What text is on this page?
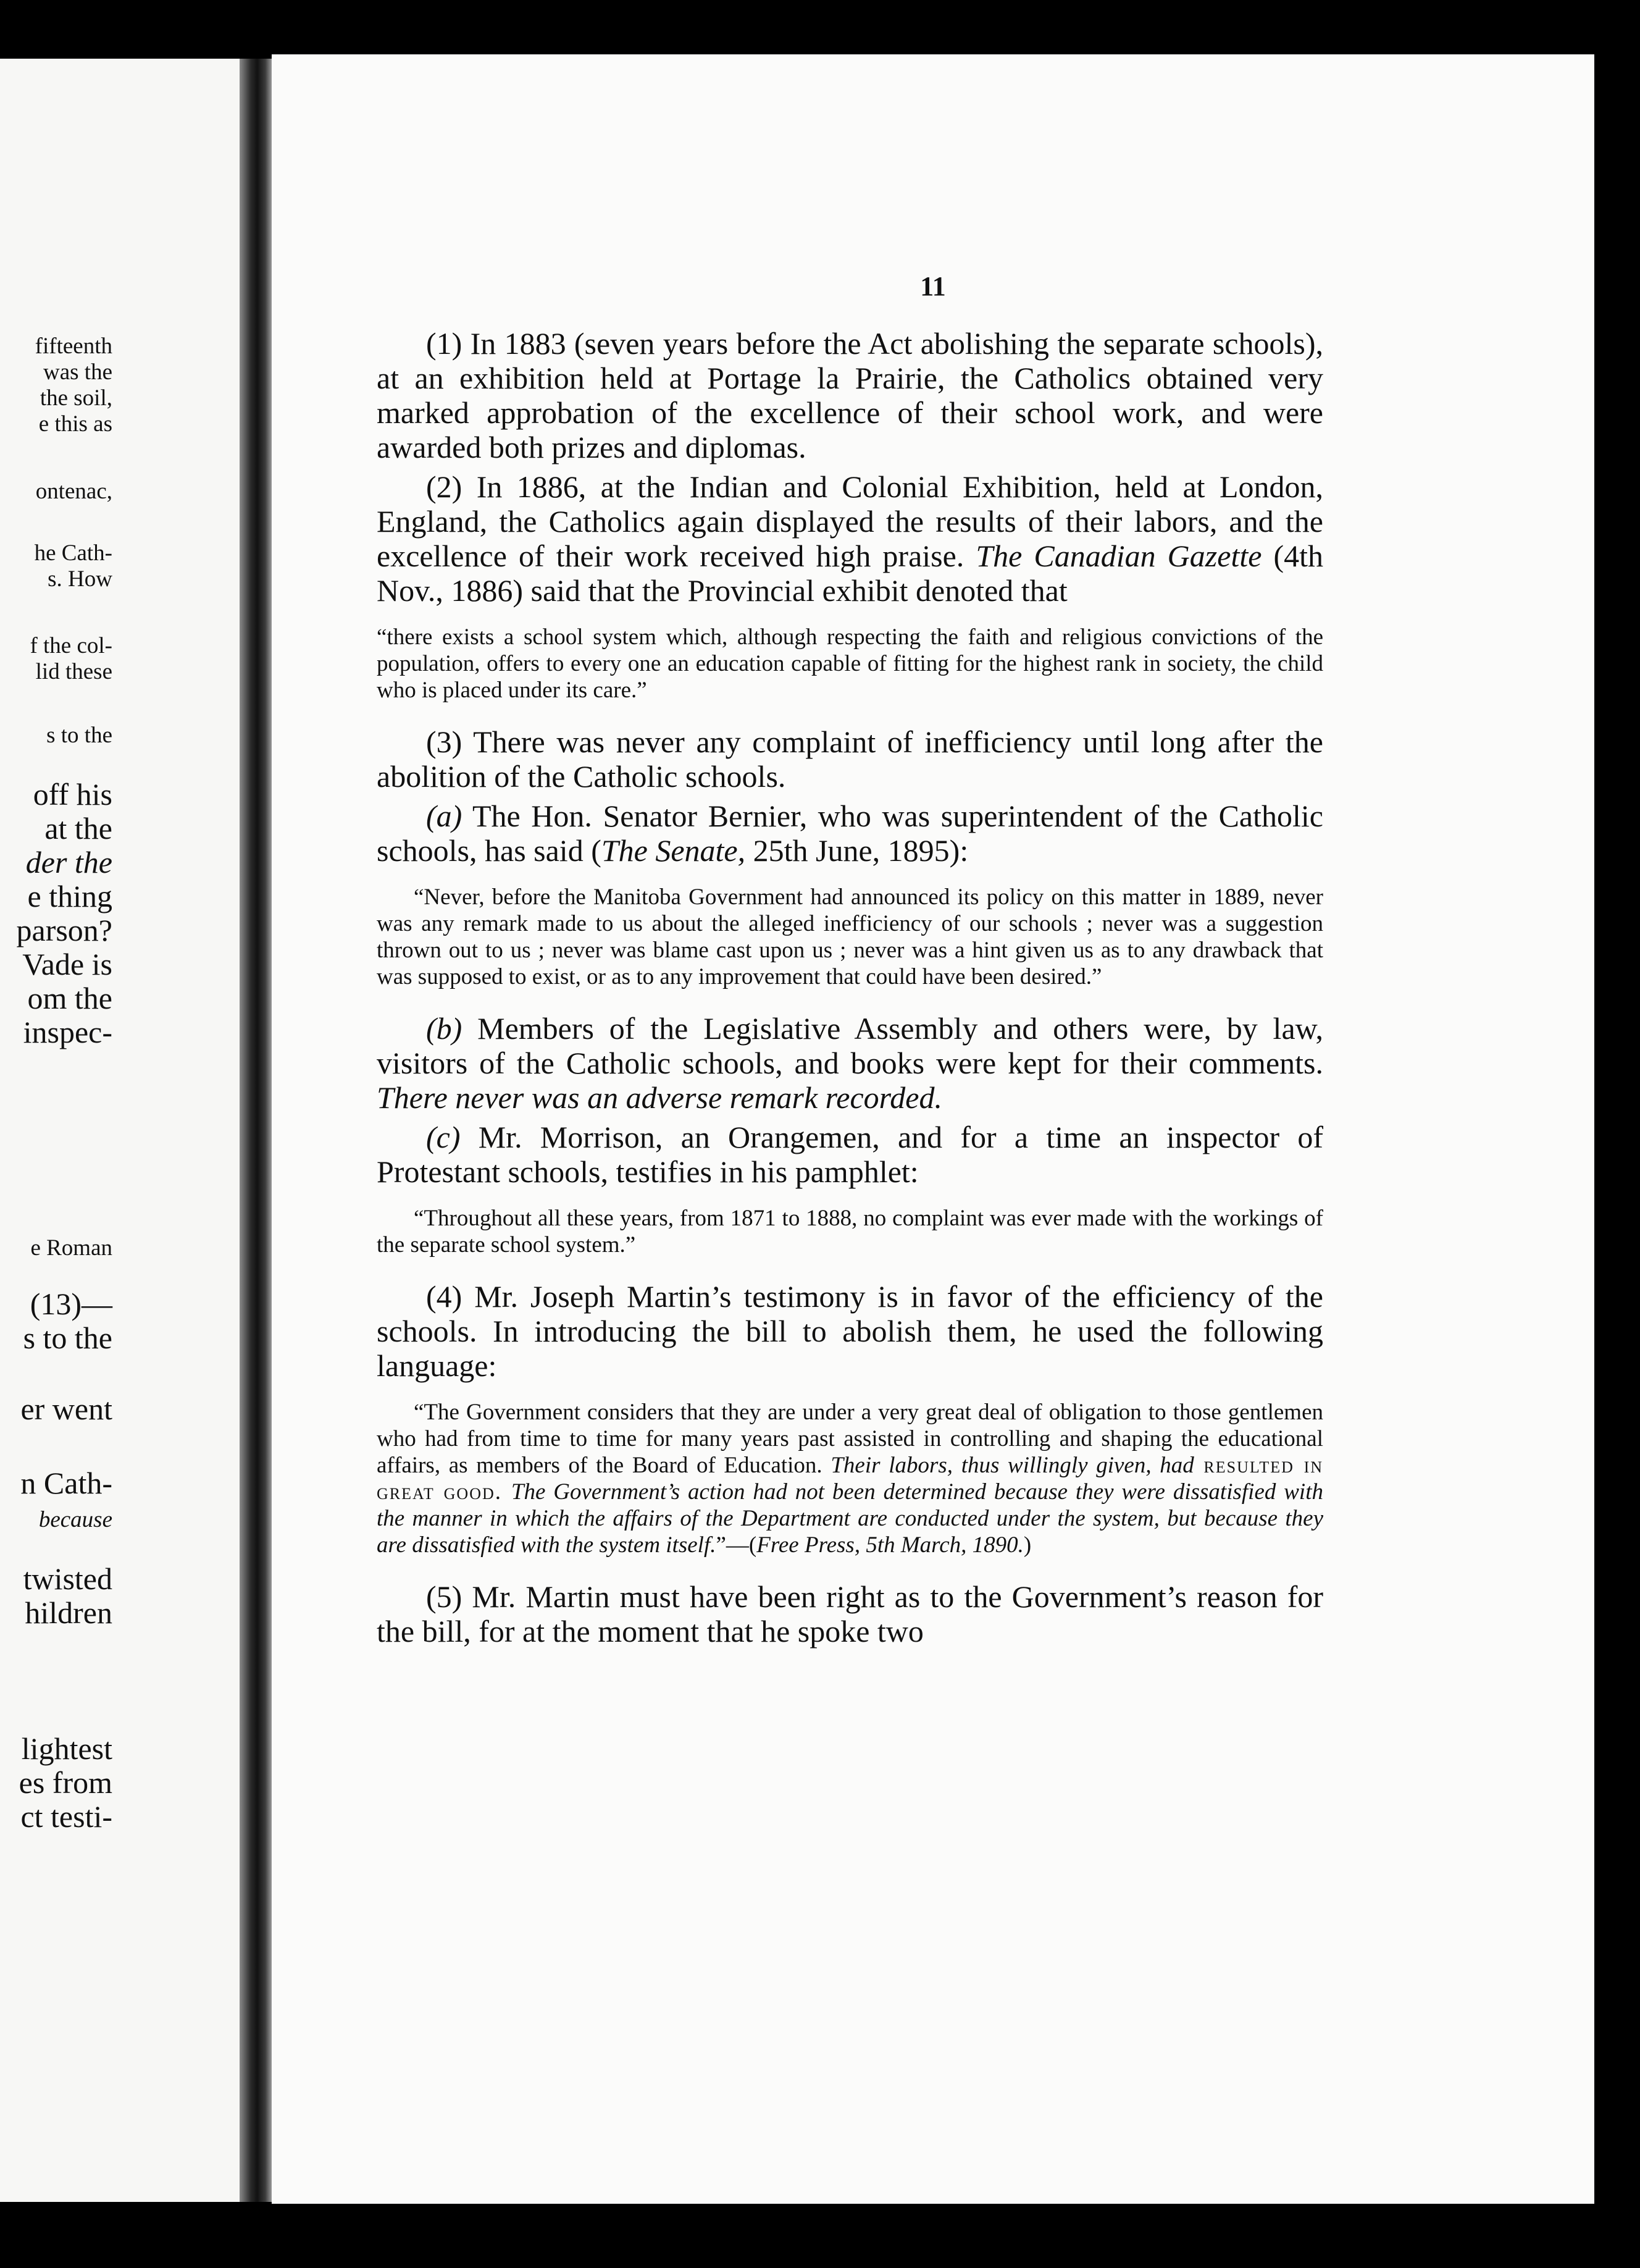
fifteenth
was the
the soil,
e this as
ontenac,
he Cath-
s. How
f the col-
lid these
s to the
off his
at the
der the
e thing
parson?
Vade is
om the
inspec-
e Roman
(13)—
s to the
er went
n Cath-
because
twisted
hildren
lightest
es from
ct testi-
11

(1) In 1883 (seven years before the Act abolishing the separate schools), at an exhibition held at Portage la Prairie, the Catholics obtained very marked approbation of the excellence of their school work, and were awarded both prizes and diplomas.

(2) In 1886, at the Indian and Colonial Exhibition, held at London, England, the Catholics again displayed the results of their labors, and the excellence of their work received high praise. The Canadian Gazette (4th Nov., 1886) said that the Provincial exhibit denoted that

“there exists a school system which, although respecting the faith and religious convictions of the population, offers to every one an education capable of fitting for the highest rank in society, the child who is placed under its care.”

(3) There was never any complaint of inefficiency until long after the abolition of the Catholic schools.

(a) The Hon. Senator Bernier, who was superintendent of the Catholic schools, has said (The Senate, 25th June, 1895):

“Never, before the Manitoba Government had announced its policy on this matter in 1889, never was any remark made to us about the alleged inefficiency of our schools ; never was a suggestion thrown out to us ; never was blame cast upon us ; never was a hint given us as to any drawback that was supposed to exist, or as to any improvement that could have been desired.”

(b) Members of the Legislative Assembly and others were, by law, visitors of the Catholic schools, and books were kept for their comments. There never was an adverse remark recorded.

(c) Mr. Morrison, an Orangemen, and for a time an inspector of Protestant schools, testifies in his pamphlet:

“Throughout all these years, from 1871 to 1888, no complaint was ever made with the workings of the separate school system.”

(4) Mr. Joseph Martin’s testimony is in favor of the efficiency of the schools. In introducing the bill to abolish them, he used the following language:

“The Government considers that they are under a very great deal of obligation to those gentlemen who had from time to time for many years past assisted in controlling and shaping the educational affairs, as members of the Board of Education. Their labors, thus willingly given, had resulted in great good. The Government’s action had not been determined because they were dissatisfied with the manner in which the affairs of the Department are conducted under the system, but because they are dissatisfied with the system itself.”—(Free Press, 5th March, 1890.)

(5) Mr. Martin must have been right as to the Government’s reason for the bill, for at the moment that he spoke two
